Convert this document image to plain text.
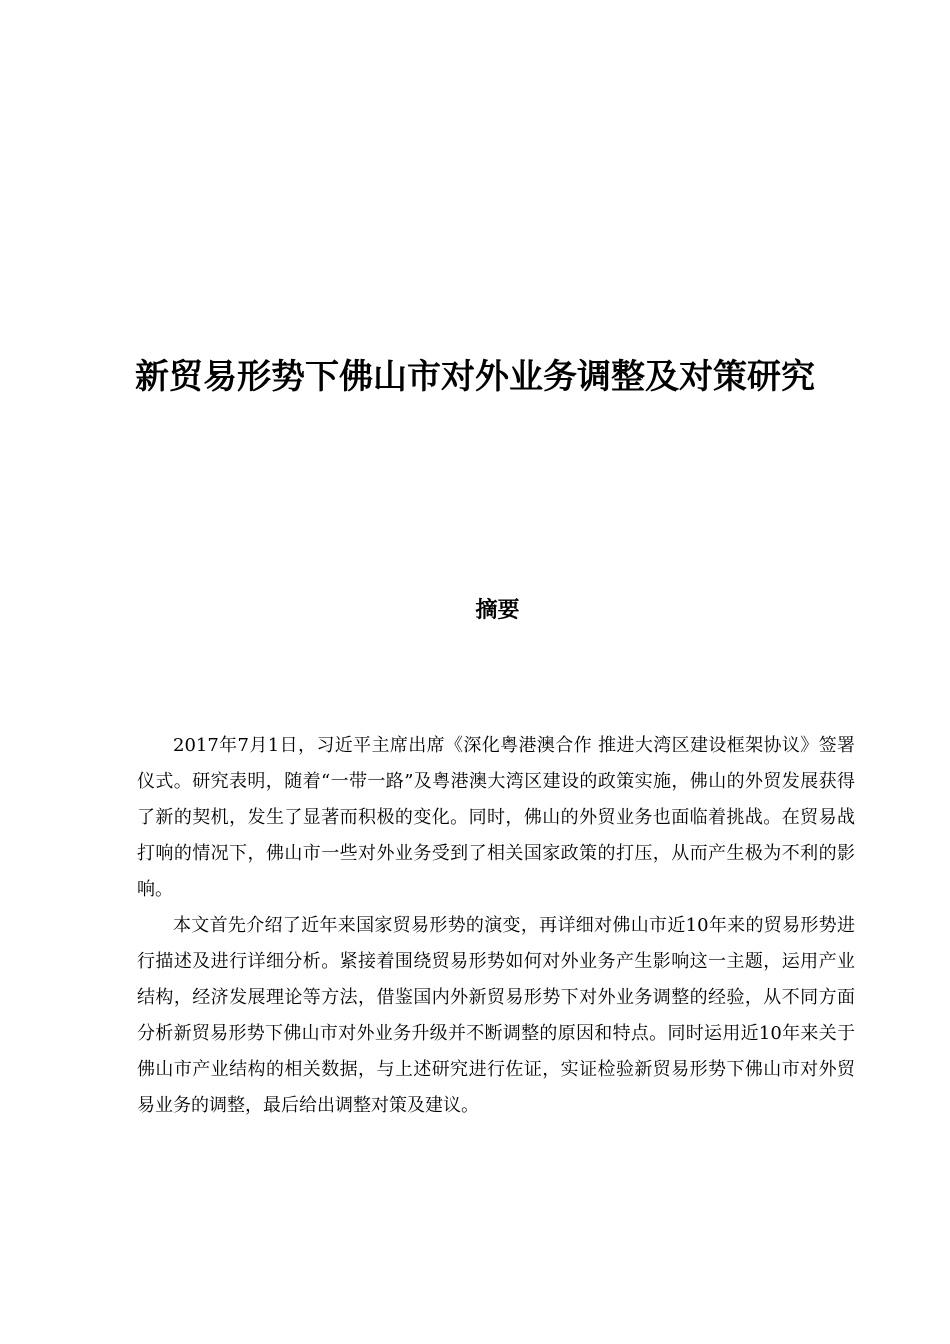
新贸易形势下佛山市对外业务调整及对策研究
摘要

2017年7月1日，习近平主席出席《深化粤港澳合作 推进大湾区建设框架协议》签署仪式。研究表明，随着“一带一路”及粤港澳大湾区建设的政策实施，佛山的外贸发展获得了新的契机，发生了显著而积极的变化。同时，佛山的外贸业务也面临着挑战。在贸易战打响的情况下，佛山市一些对外业务受到了相关国家政策的打压，从而产生极为不利的影响。

本文首先介绍了近年来国家贸易形势的演变，再详细对佛山市近10年来的贸易形势进行描述及进行详细分析。紧接着围绕贸易形势如何对外业务产生影响这一主题，运用产业结构，经济发展理论等方法，借鉴国内外新贸易形势下对外业务调整的经验，从不同方面分析新贸易形势下佛山市对外业务升级并不断调整的原因和特点。同时运用近10年来关于佛山市产业结构的相关数据，与上述研究进行佐证，实证检验新贸易形势下佛山市对外贸易业务的调整，最后给出调整对策及建议。
